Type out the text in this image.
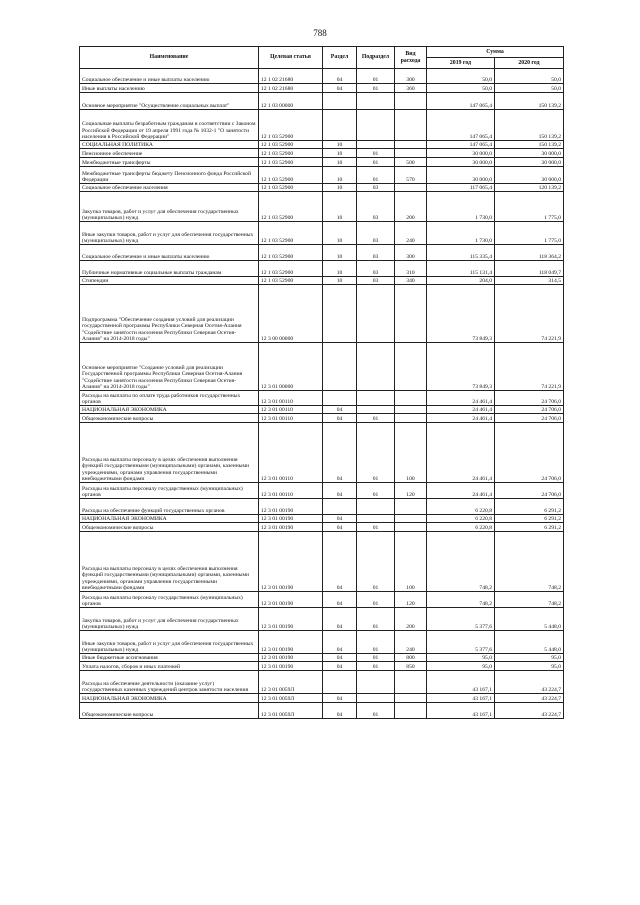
788
Наименование	Целевая статья	Раздел	Подраздел	Вид расхода	Сумма	
					2019 год	2020 год
Социальное обеспечение и иные выплаты населению	12 1 02 21680	04	01	300	50,0	50,0
Иные выплаты населению	12 1 02 21680	04	01	360	50,0	50,0
Основное мероприятие "Осуществление социальных выплат"	12 1 03 00000				147 065,4	150 139,2
Социальные выплаты безработным гражданам в соответствии с Законом Российской Федерации от 19 апреля 1991 года № 1032-1 "О занятости населения в Российской Федерации"	12 1 03 52900				147 065,4	150 139,2
СОЦИАЛЬНАЯ ПОЛИТИКА	12 1 03 52900	10			147 065,4	150 139,2
Пенсионное обеспечение	12 1 03 52900	10	01		30 000,0	30 000,0
Межбюджетные трансферты	12 1 03 52900	10	01	500	30 000,0	30 000,0
Межбюджетные трансферты бюджету Пенсионного фонда Российской Федерации	12 1 03 52900	10	01	570	30 000,0	30 000,0
Социальное обеспечение населения	12 1 03 52900	10	03		117 065,4	120 139,2
Закупка товаров, работ и услуг для обеспечения государственных (муниципальных) нужд	12 1 03 52900	10	03	200	1 730,0	1 775,0
Иные закупки товаров, работ и услуг для обеспечения государственных (муниципальных) нужд	12 1 03 52900	10	03	240	1 730,0	1 775,0
Социальное обеспечение и иные выплаты населению	12 1 03 52900	10	03	300	115 335,4	118 364,2
Публичные нормативные социальные выплаты гражданам	12 1 03 52900	10	03	310	115 131,4	118 049,7
Стипендии	12 1 03 52900	10	03	340	204,0	314,5
Подпрограмма "Обеспечение создания условий для реализации государственной программы Республики Северная Осетия-Алания "Содействие занятости населения Республики Северная Осетия-Алания" на 2014-2018 годы"	12 3 00 00000				73 849,3	74 221,9
Основное мероприятие "Создание условий для реализации Государственной программы Республики Северная Осетия-Алания "Содействие занятости населения Республики Северная Осетия-Алания" на 2014-2018 годы"	12 3 01 00000				73 849,3	74 221,9
Расходы на выплаты по оплате труда работников государственных органов	12 3 01 00110				24 461,4	24 706,0
НАЦИОНАЛЬНАЯ ЭКОНОМИКА	12 3 01 00110	04			24 461,4	24 706,0
Общеэкономические вопросы	12 3 01 00110	04	01		24 461,4	24 706,0
Расходы на выплаты персоналу в целях обеспечения выполнения функций государственными (муниципальными) органами, казенными учреждениями, органами управления государственными внебюджетными фондами	12 3 01 00110	04	01	100	24 461,4	24 706,0
Расходы на выплаты персоналу государственных (муниципальных) органов	12 3 01 00110	04	01	120	24 461,4	24 706,0
Расходы на обеспечение функций государственных органов	12 3 01 00190				6 220,8	6 291,2
НАЦИОНАЛЬНАЯ ЭКОНОМИКА	12 3 01 00190	04			6 220,8	6 291,2
Общеэкономические вопросы	12 3 01 00190	04	01		6 220,8	6 291,2
Расходы на выплаты персоналу в целях обеспечения выполнения функций государственными (муниципальными) органами, казенными учреждениями, органами управления государственными внебюджетными фондами	12 3 01 00190	04	01	100	748,2	748,2
Расходы на выплаты персоналу государственных (муниципальных) органов	12 3 01 00190	04	01	120	748,2	748,2
Закупка товаров, работ и услуг для обеспечения государственных (муниципальных) нужд	12 3 01 00190	04	01	200	5 377,6	5 448,0
Иные закупки товаров, работ и услуг для обеспечения государственных (муниципальных) нужд	12 3 01 00190	04	01	240	5 377,6	5 448,0
Иные бюджетные ассигнования	12 3 01 00190	04	01	800	95,0	95,0
Уплата налогов, сборов и иных платежей	12 3 01 00190	04	01	850	95,0	95,0
Расходы на обеспечение деятельности (оказание услуг) государственных казенных учреждений центров занятости населения	12 3 01 0059Л				43 167,1	43 224,7
НАЦИОНАЛЬНАЯ ЭКОНОМИКА	12 3 01 0059Л	04			43 167,1	43 224,7
Общеэкономические вопросы	12 3 01 0059Л	04	01		43 167,1	43 224,7
